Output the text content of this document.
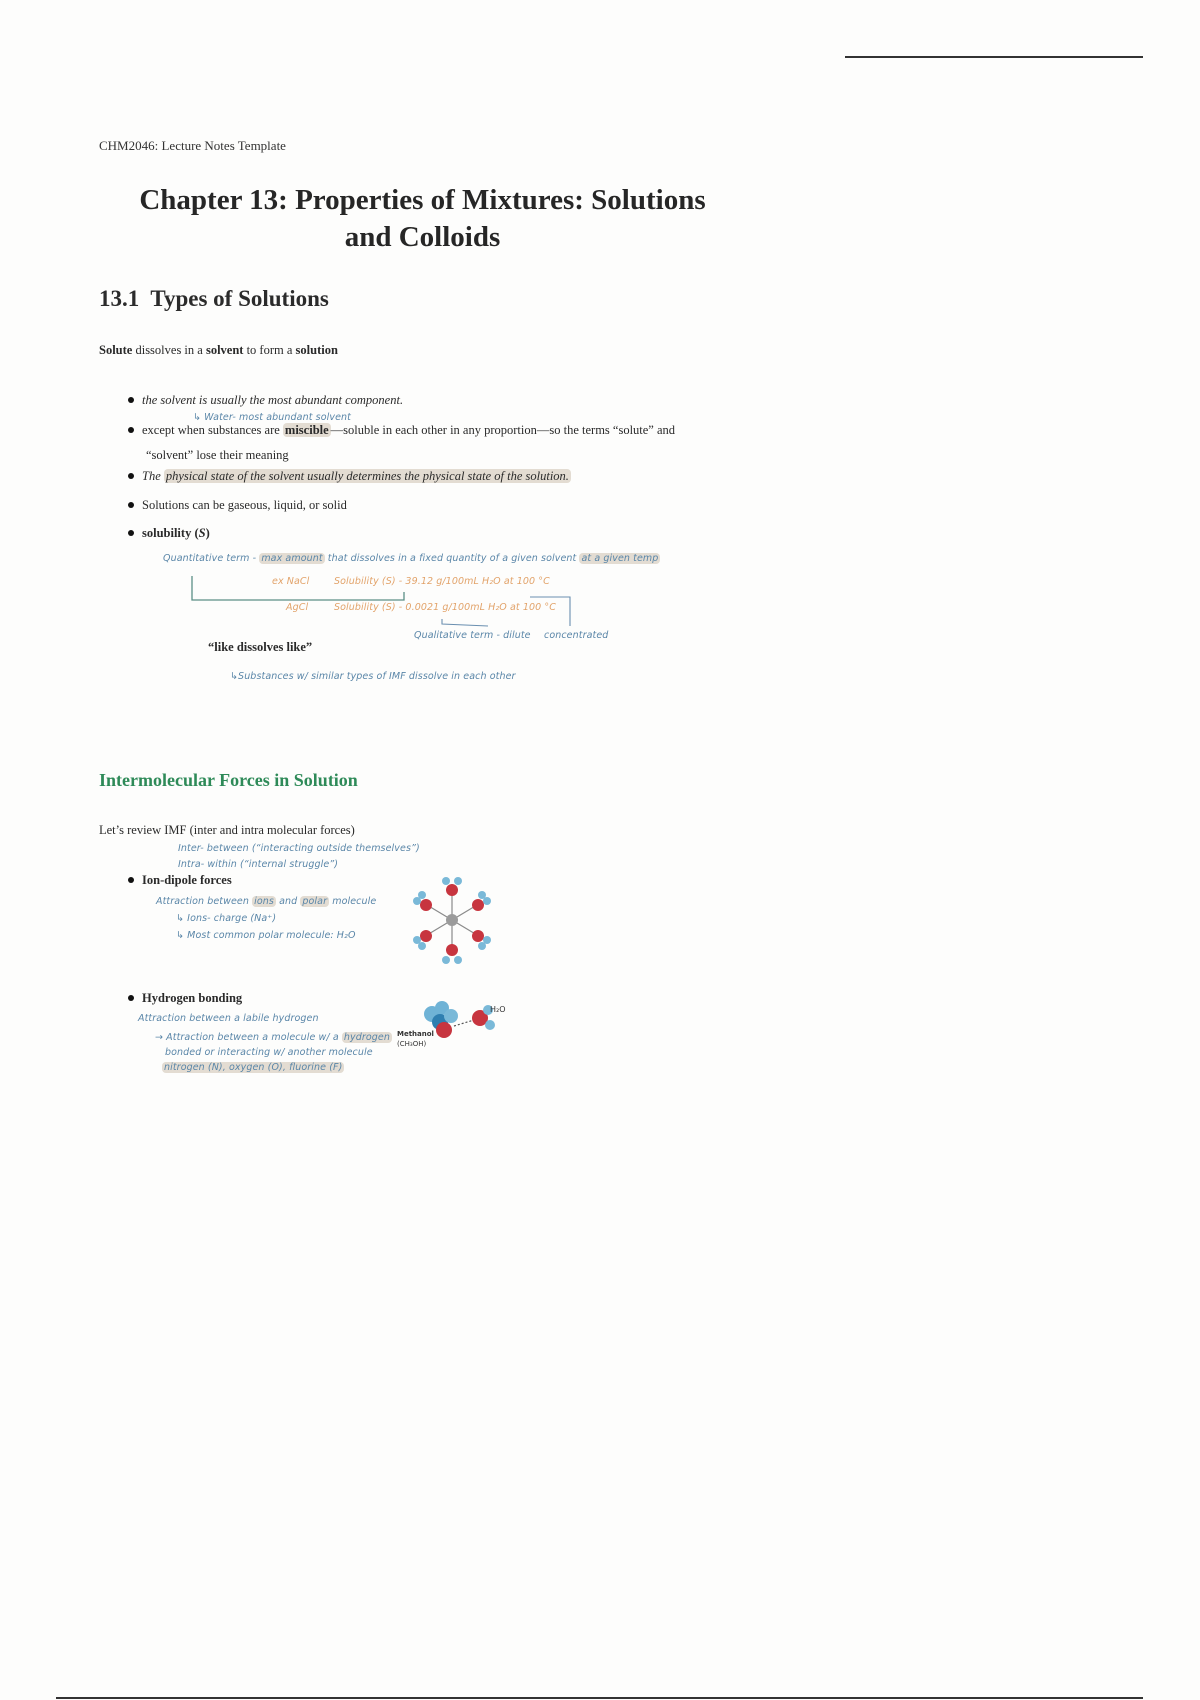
CHM2046: Lecture Notes Template
Chapter 13: Properties of Mixtures: Solutions
and Colloids
13.1 Types of Solutions
Solute dissolves in a solvent to form a solution
the solvent is usually the most abundant component.
↳ Water- most abundant solvent
except when substances are miscible —soluble in each other in any proportion—so the terms “solute” and
“solvent” lose their meaning
The physical state of the solvent usually determines the physical state of the solution.
Solutions can be gaseous, liquid, or solid
solubility (S)
Quantitative term - max amount that dissolves in a fixed quantity of a given solvent at a given temp
ex NaCl	Solubility (S) - 39.12 g/100mL H₂O at 100 °C
AgCl	Solubility (S) - 0.0021 g/100mL H₂O at 100 °C
Qualitative term - dilute concentrated
“like dissolves like”
↳Substances w/ similar types of IMF dissolve in each other
Intermolecular Forces in Solution
Let’s review IMF (inter and intra molecular forces)
Inter- between (“interacting outside themselves”)
Intra- within (“internal struggle”)
Ion-dipole forces
Attraction between ions and polar molecule
↳ Ions- charge (Na⁺)
↳ Most common polar molecule: H₂O
Hydrogen bonding
Attraction between a labile hydrogen
→ Attraction between a molecule w/ a hydrogen
bonded or interacting w/ another molecule
nitrogen (N), oxygen (O), fluorine (F)
Methanol
(CH₃OH)
H₂O
